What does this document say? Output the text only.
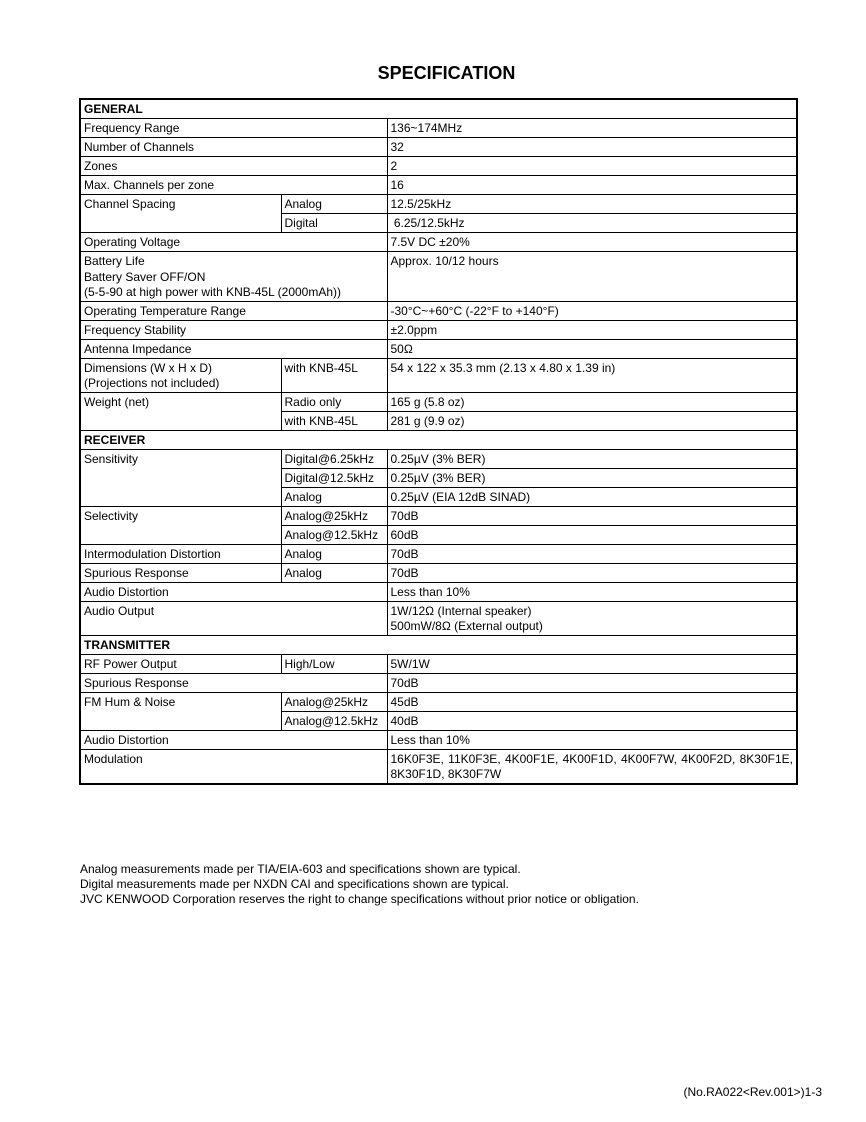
SPECIFICATION
GENERAL		
Frequency Range		136~174MHz
Number of Channels		32
Zones		2
Max. Channels per zone		16
Channel Spacing	Analog	12.5/25kHz
	Digital	6.25/12.5kHz
Operating Voltage		7.5V DC ±20%
Battery Life
Battery Saver OFF/ON
(5-5-90 at high power with KNB-45L (2000mAh))		Approx. 10/12 hours
Operating Temperature Range		-30°C~+60°C (-22°F to +140°F)
Frequency Stability		±2.0ppm
Antenna Impedance		50Ω
Dimensions (W x H x D)
(Projections not included)	with KNB-45L	54 x 122 x 35.3 mm (2.13 x 4.80 x 1.39 in)
Weight (net)	Radio only	165 g (5.8 oz)
	with KNB-45L	281 g (9.9 oz)
RECEIVER		
Sensitivity	Digital@6.25kHz	0.25µV (3% BER)
	Digital@12.5kHz	0.25µV (3% BER)
	Analog	0.25µV (EIA 12dB SINAD)
Selectivity	Analog@25kHz	70dB
	Analog@12.5kHz	60dB
Intermodulation Distortion	Analog	70dB
Spurious Response	Analog	70dB
Audio Distortion		Less than 10%
Audio Output		1W/12Ω (Internal speaker)
500mW/8Ω (External output)
TRANSMITTER		
RF Power Output	High/Low	5W/1W
Spurious Response		70dB
FM Hum & Noise	Analog@25kHz	45dB
	Analog@12.5kHz	40dB
Audio Distortion		Less than 10%
Modulation		16K0F3E, 11K0F3E, 4K00F1E, 4K00F1D, 4K00F7W, 4K00F2D, 8K30F1E, 8K30F1D, 8K30F7W
Analog measurements made per TIA/EIA-603 and specifications shown are typical.
Digital measurements made per NXDN CAI and specifications shown are typical.
JVC KENWOOD Corporation reserves the right to change specifications without prior notice or obligation.
(No.RA022<Rev.001>)1-3
